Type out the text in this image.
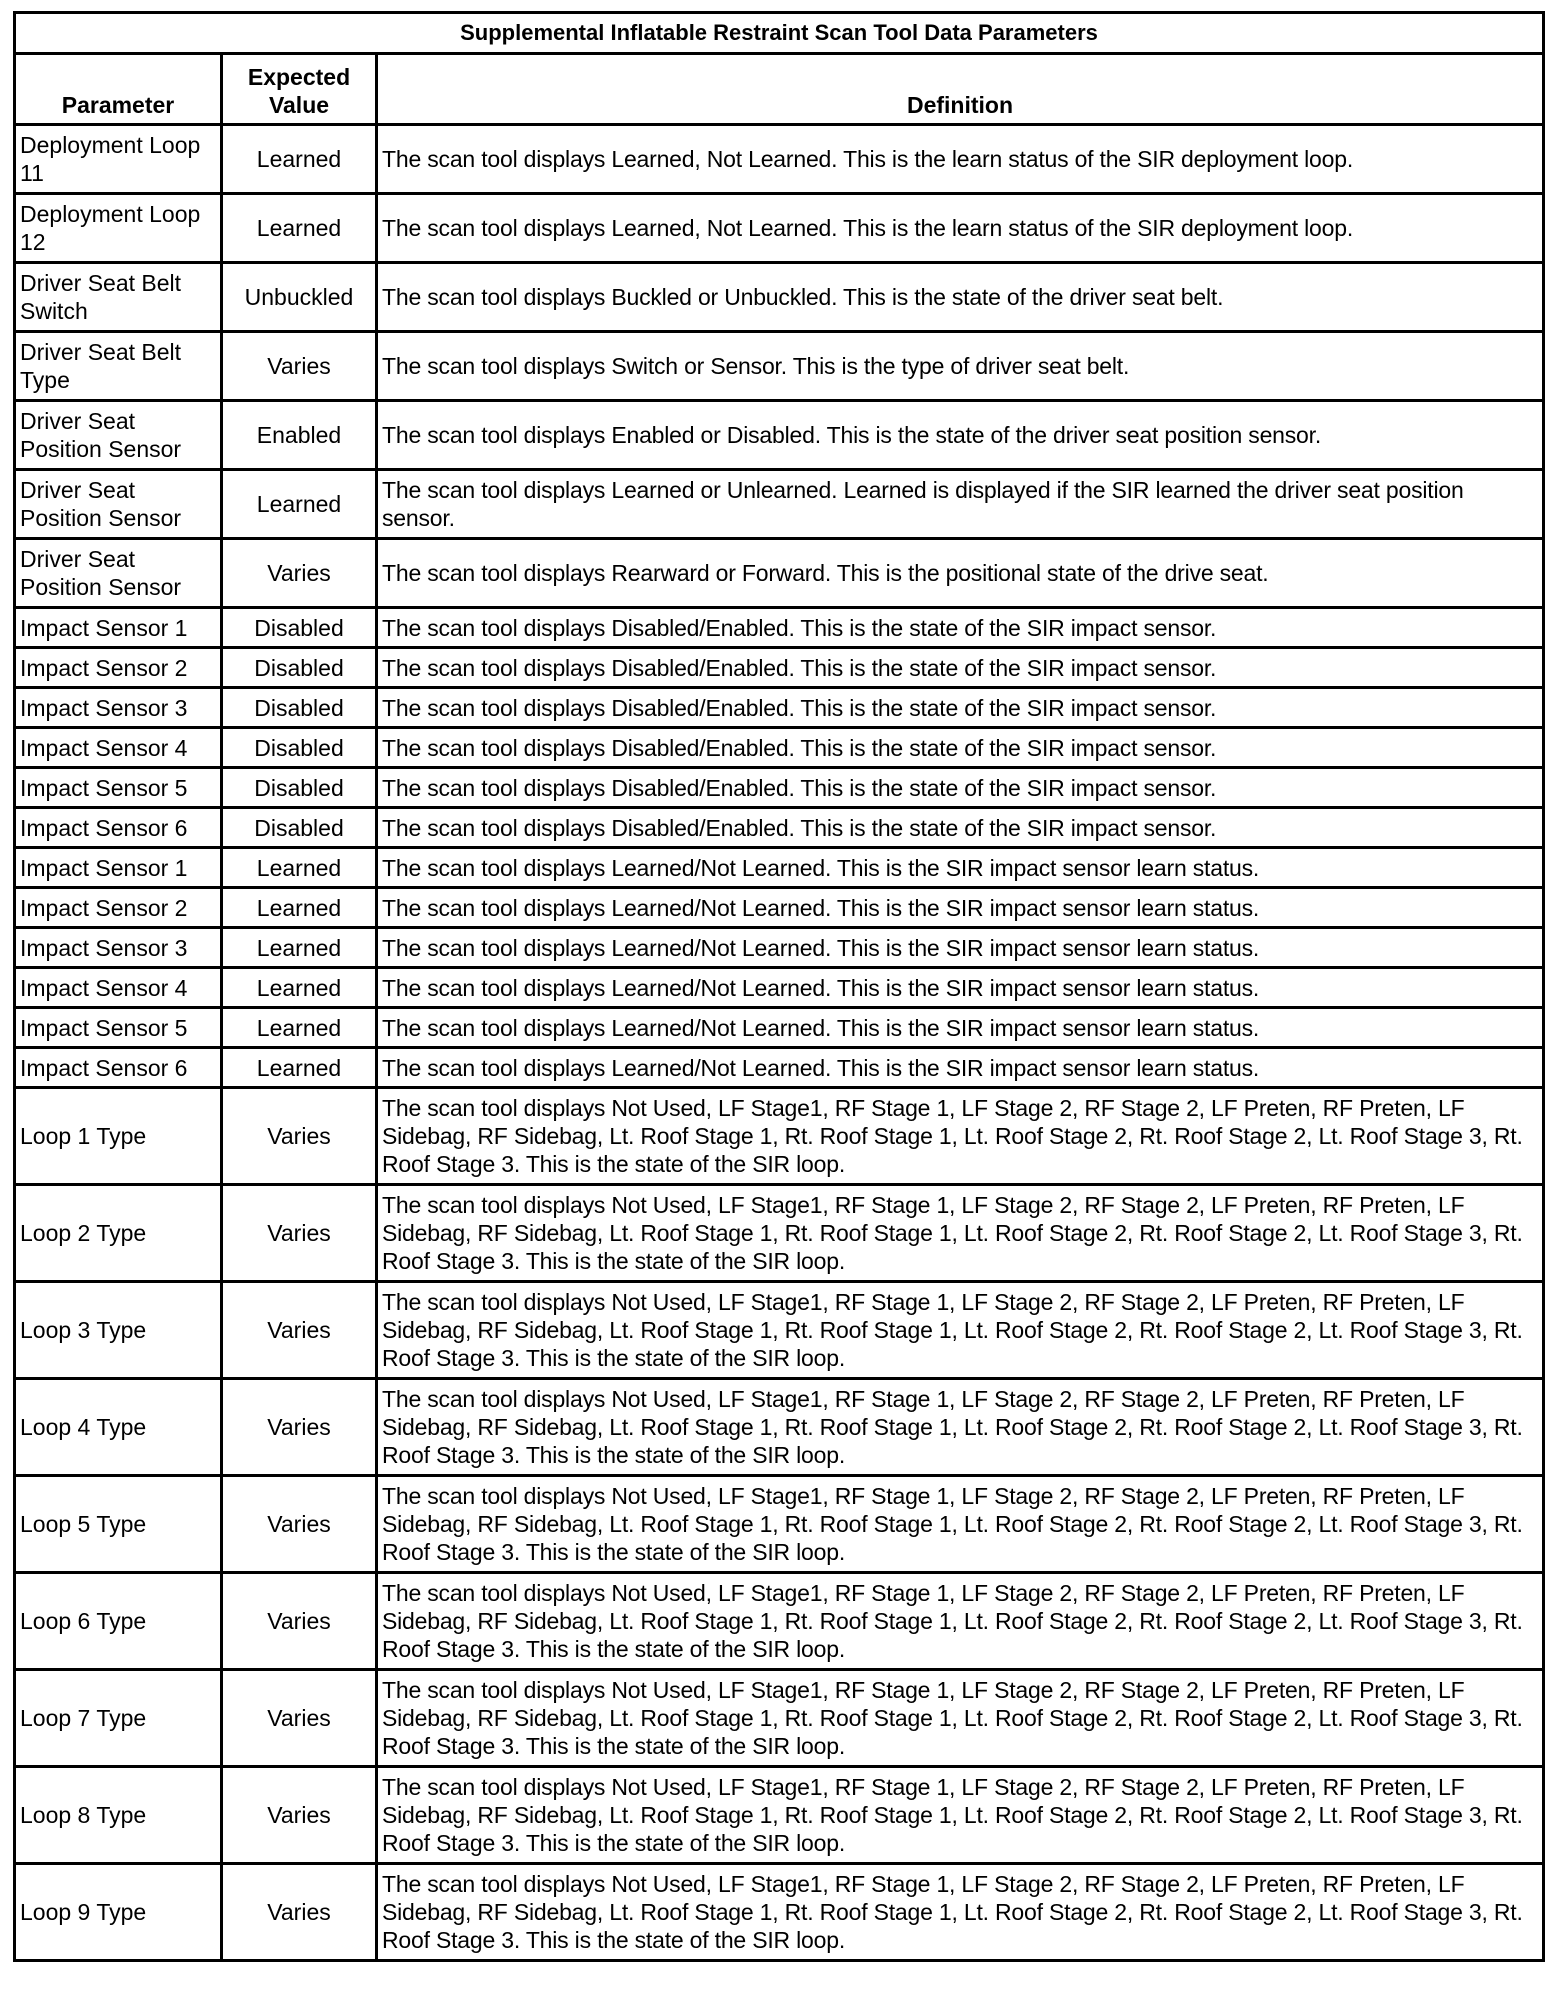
Supplemental Inflatable Restraint Scan Tool Data Parameters		
Parameter	Expected Value	Definition
Deployment Loop 11	Learned	The scan tool displays Learned, Not Learned. This is the learn status of the SIR deployment loop.
Deployment Loop 12	Learned	The scan tool displays Learned, Not Learned. This is the learn status of the SIR deployment loop.
Driver Seat Belt Switch	Unbuckled	The scan tool displays Buckled or Unbuckled. This is the state of the driver seat belt.
Driver Seat Belt Type	Varies	The scan tool displays Switch or Sensor. This is the type of driver seat belt.
Driver Seat Position Sensor	Enabled	The scan tool displays Enabled or Disabled. This is the state of the driver seat position sensor.
Driver Seat Position Sensor	Learned	The scan tool displays Learned or Unlearned. Learned is displayed if the SIR learned the driver seat position sensor.
Driver Seat Position Sensor	Varies	The scan tool displays Rearward or Forward. This is the positional state of the drive seat.
Impact Sensor 1	Disabled	The scan tool displays Disabled/Enabled. This is the state of the SIR impact sensor.
Impact Sensor 2	Disabled	The scan tool displays Disabled/Enabled. This is the state of the SIR impact sensor.
Impact Sensor 3	Disabled	The scan tool displays Disabled/Enabled. This is the state of the SIR impact sensor.
Impact Sensor 4	Disabled	The scan tool displays Disabled/Enabled. This is the state of the SIR impact sensor.
Impact Sensor 5	Disabled	The scan tool displays Disabled/Enabled. This is the state of the SIR impact sensor.
Impact Sensor 6	Disabled	The scan tool displays Disabled/Enabled. This is the state of the SIR impact sensor.
Impact Sensor 1	Learned	The scan tool displays Learned/Not Learned. This is the SIR impact sensor learn status.
Impact Sensor 2	Learned	The scan tool displays Learned/Not Learned. This is the SIR impact sensor learn status.
Impact Sensor 3	Learned	The scan tool displays Learned/Not Learned. This is the SIR impact sensor learn status.
Impact Sensor 4	Learned	The scan tool displays Learned/Not Learned. This is the SIR impact sensor learn status.
Impact Sensor 5	Learned	The scan tool displays Learned/Not Learned. This is the SIR impact sensor learn status.
Impact Sensor 6	Learned	The scan tool displays Learned/Not Learned. This is the SIR impact sensor learn status.
Loop 1 Type	Varies	The scan tool displays Not Used, LF Stage1, RF Stage 1, LF Stage 2, RF Stage 2, LF Preten, RF Preten, LF Sidebag, RF Sidebag, Lt. Roof Stage 1, Rt. Roof Stage 1, Lt. Roof Stage 2, Rt. Roof Stage 2, Lt. Roof Stage 3, Rt. Roof Stage 3. This is the state of the SIR loop.
Loop 2 Type	Varies	The scan tool displays Not Used, LF Stage1, RF Stage 1, LF Stage 2, RF Stage 2, LF Preten, RF Preten, LF Sidebag, RF Sidebag, Lt. Roof Stage 1, Rt. Roof Stage 1, Lt. Roof Stage 2, Rt. Roof Stage 2, Lt. Roof Stage 3, Rt. Roof Stage 3. This is the state of the SIR loop.
Loop 3 Type	Varies	The scan tool displays Not Used, LF Stage1, RF Stage 1, LF Stage 2, RF Stage 2, LF Preten, RF Preten, LF Sidebag, RF Sidebag, Lt. Roof Stage 1, Rt. Roof Stage 1, Lt. Roof Stage 2, Rt. Roof Stage 2, Lt. Roof Stage 3, Rt. Roof Stage 3. This is the state of the SIR loop.
Loop 4 Type	Varies	The scan tool displays Not Used, LF Stage1, RF Stage 1, LF Stage 2, RF Stage 2, LF Preten, RF Preten, LF Sidebag, RF Sidebag, Lt. Roof Stage 1, Rt. Roof Stage 1, Lt. Roof Stage 2, Rt. Roof Stage 2, Lt. Roof Stage 3, Rt. Roof Stage 3. This is the state of the SIR loop.
Loop 5 Type	Varies	The scan tool displays Not Used, LF Stage1, RF Stage 1, LF Stage 2, RF Stage 2, LF Preten, RF Preten, LF Sidebag, RF Sidebag, Lt. Roof Stage 1, Rt. Roof Stage 1, Lt. Roof Stage 2, Rt. Roof Stage 2, Lt. Roof Stage 3, Rt. Roof Stage 3. This is the state of the SIR loop.
Loop 6 Type	Varies	The scan tool displays Not Used, LF Stage1, RF Stage 1, LF Stage 2, RF Stage 2, LF Preten, RF Preten, LF Sidebag, RF Sidebag, Lt. Roof Stage 1, Rt. Roof Stage 1, Lt. Roof Stage 2, Rt. Roof Stage 2, Lt. Roof Stage 3, Rt. Roof Stage 3. This is the state of the SIR loop.
Loop 7 Type	Varies	The scan tool displays Not Used, LF Stage1, RF Stage 1, LF Stage 2, RF Stage 2, LF Preten, RF Preten, LF Sidebag, RF Sidebag, Lt. Roof Stage 1, Rt. Roof Stage 1, Lt. Roof Stage 2, Rt. Roof Stage 2, Lt. Roof Stage 3, Rt. Roof Stage 3. This is the state of the SIR loop.
Loop 8 Type	Varies	The scan tool displays Not Used, LF Stage1, RF Stage 1, LF Stage 2, RF Stage 2, LF Preten, RF Preten, LF Sidebag, RF Sidebag, Lt. Roof Stage 1, Rt. Roof Stage 1, Lt. Roof Stage 2, Rt. Roof Stage 2, Lt. Roof Stage 3, Rt. Roof Stage 3. This is the state of the SIR loop.
Loop 9 Type	Varies	The scan tool displays Not Used, LF Stage1, RF Stage 1, LF Stage 2, RF Stage 2, LF Preten, RF Preten, LF Sidebag, RF Sidebag, Lt. Roof Stage 1, Rt. Roof Stage 1, Lt. Roof Stage 2, Rt. Roof Stage 2, Lt. Roof Stage 3, Rt. Roof Stage 3. This is the state of the SIR loop.
